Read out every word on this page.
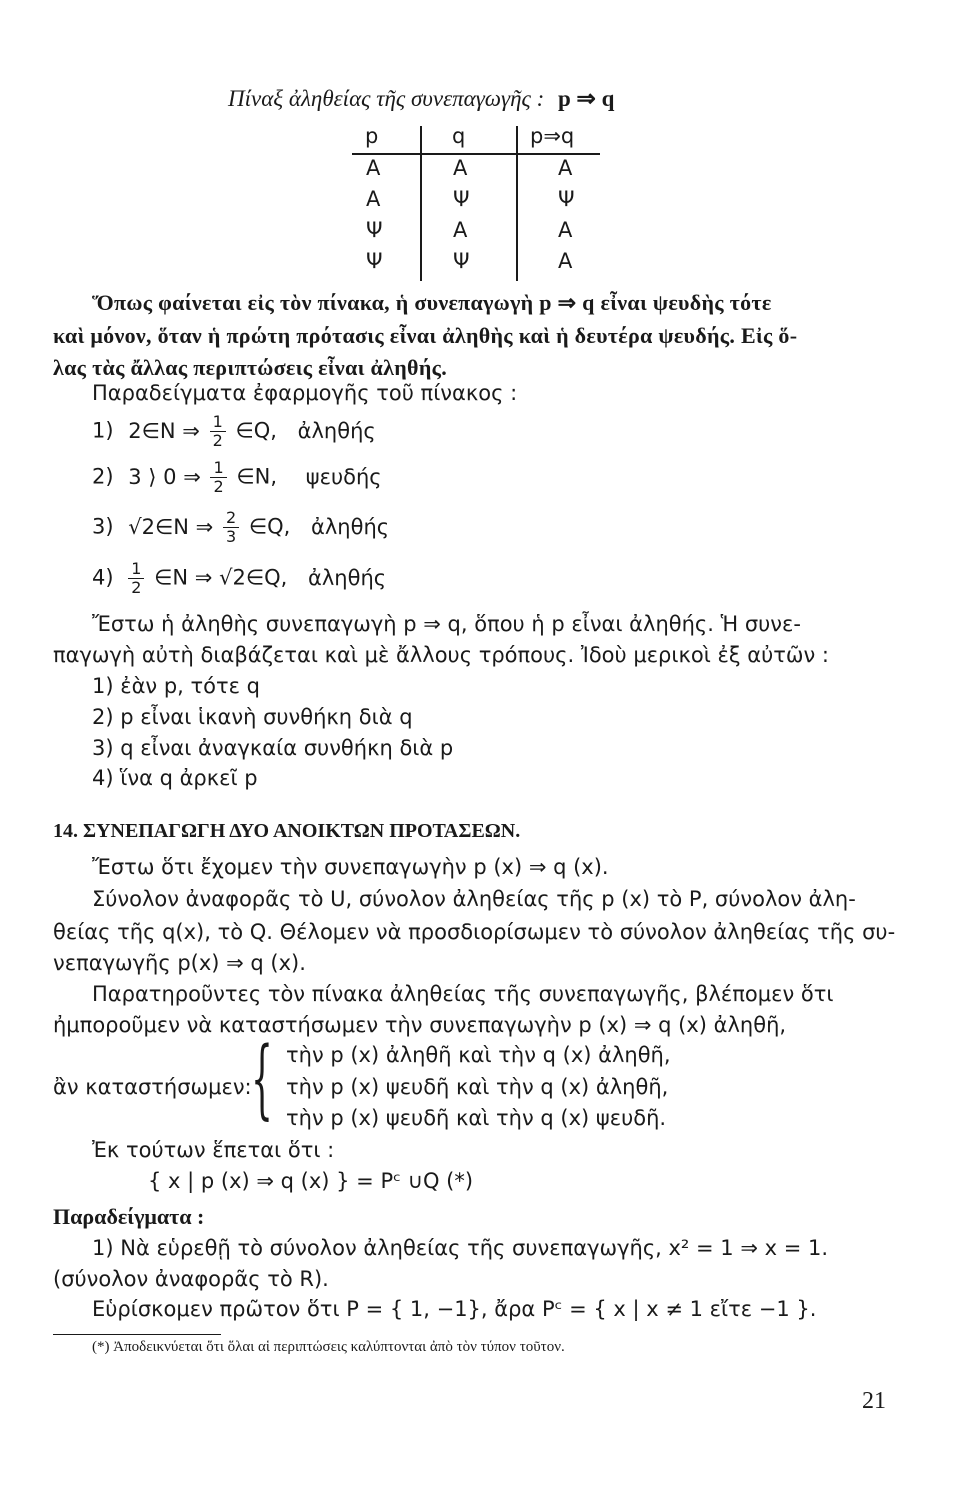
Πίναξ ἀληθείας τῆς συνεπαγωγῆς : p ⇒ q
p	q	p⇒q
A	A	A
A	Ψ	Ψ
Ψ	A	A
Ψ	Ψ	A
Ὅπως φαίνεται εἰς τὸν πίνακα, ἡ συνεπαγωγὴ p ⇒ q εἶναι ψευδὴς τότε
καὶ μόνον, ὅταν ἡ πρώτη πρότασις εἶναι ἀληθὴς καὶ ἡ δευτέρα ψευδής. Εἰς ὅ-
λας τὰς ἄλλας περιπτώσεις εἶναι ἀληθής.
Παραδείγματα ἐφαρμογῆς τοῦ πίνακος :
1) 2∈N ⇒ $\frac{1}{2}$ ∈Q, ἀληθής
2) 3 ⟩ 0 ⇒ $\frac{1}{2}$ ∈N, ψευδής
3) √2∈N ⇒ $\frac{2}{3}$ ∈Q, ἀληθής
$4) \frac{1}{2}$ ∈N ⇒ √2∈Q, ἀληθής
Ἔστω ἡ ἀληθὴς συνεπαγωγὴ p ⇒ q, ὅπου ἡ p εἶναι ἀληθής. Ἡ συνε-
παγωγὴ αὐτὴ διαβάζεται καὶ μὲ ἄλλους τρόπους. Ἰδοὺ μερικοὶ ἐξ αὐτῶν :
1) ἐὰν p, τότε q
2) p εἶναι ἱκανὴ συνθήκη διὰ q
3) q εἶναι ἀναγκαία συνθήκη διὰ p
4) ἵνα q ἀρκεῖ p
14. ΣΥΝΕΠΑΓΩΓΗ ΔΥΟ ΑΝΟΙΚΤΩΝ ΠΡΟΤΑΣΕΩΝ.
Ἔστω ὅτι ἔχομεν τὴν συνεπαγωγὴν p (x) ⇒ q (x).
Σύνολον ἀναφορᾶς τὸ U, σύνολον ἀληθείας τῆς p (x) τὸ P, σύνολον ἀλη-
θείας τῆς q(x), τὸ Q. Θέλομεν νὰ προσδιορίσωμεν τὸ σύνολον ἀληθείας τῆς συ-
νεπαγωγῆς p(x) ⇒ q (x).
Παρατηροῦντες τὸν πίνακα ἀληθείας τῆς συνεπαγωγῆς, βλέπομεν ὅτι
ἠμποροῦμεν νὰ καταστήσωμεν τὴν συνεπαγωγὴν p (x) ⇒ q (x) ἀληθῆ,
ἂν καταστήσωμεν: { τὴν p (x) ἀληθῆ καὶ τὴν q (x) ἀληθῆ,
τὴν p (x) ψευδῆ καὶ τὴν q (x) ἀληθῆ,
τὴν p (x) ψευδῆ καὶ τὴν q (x) ψευδῆ.
Ἐκ τούτων ἕπεται ὅτι :
{ x | p (x) ⇒ q (x) } = Pᶜ ∪Q (*)
Παραδείγματα :
1) Νὰ εὑρεθῇ τὸ σύνολον ἀληθείας τῆς συνεπαγωγῆς, x² = 1 ⇒ x = 1.
(σύνολον ἀναφορᾶς τὸ R).
Εὑρίσκομεν πρῶτον ὅτι P = { 1, −1}, ἄρα Pᶜ = { x | x ≠ 1 εἴτε −1 }.
(*) Ἀποδεικνύεται ὅτι ὅλαι αἱ περιπτώσεις καλύπτονται ἀπὸ τὸν τύπον τοῦτον.
21
